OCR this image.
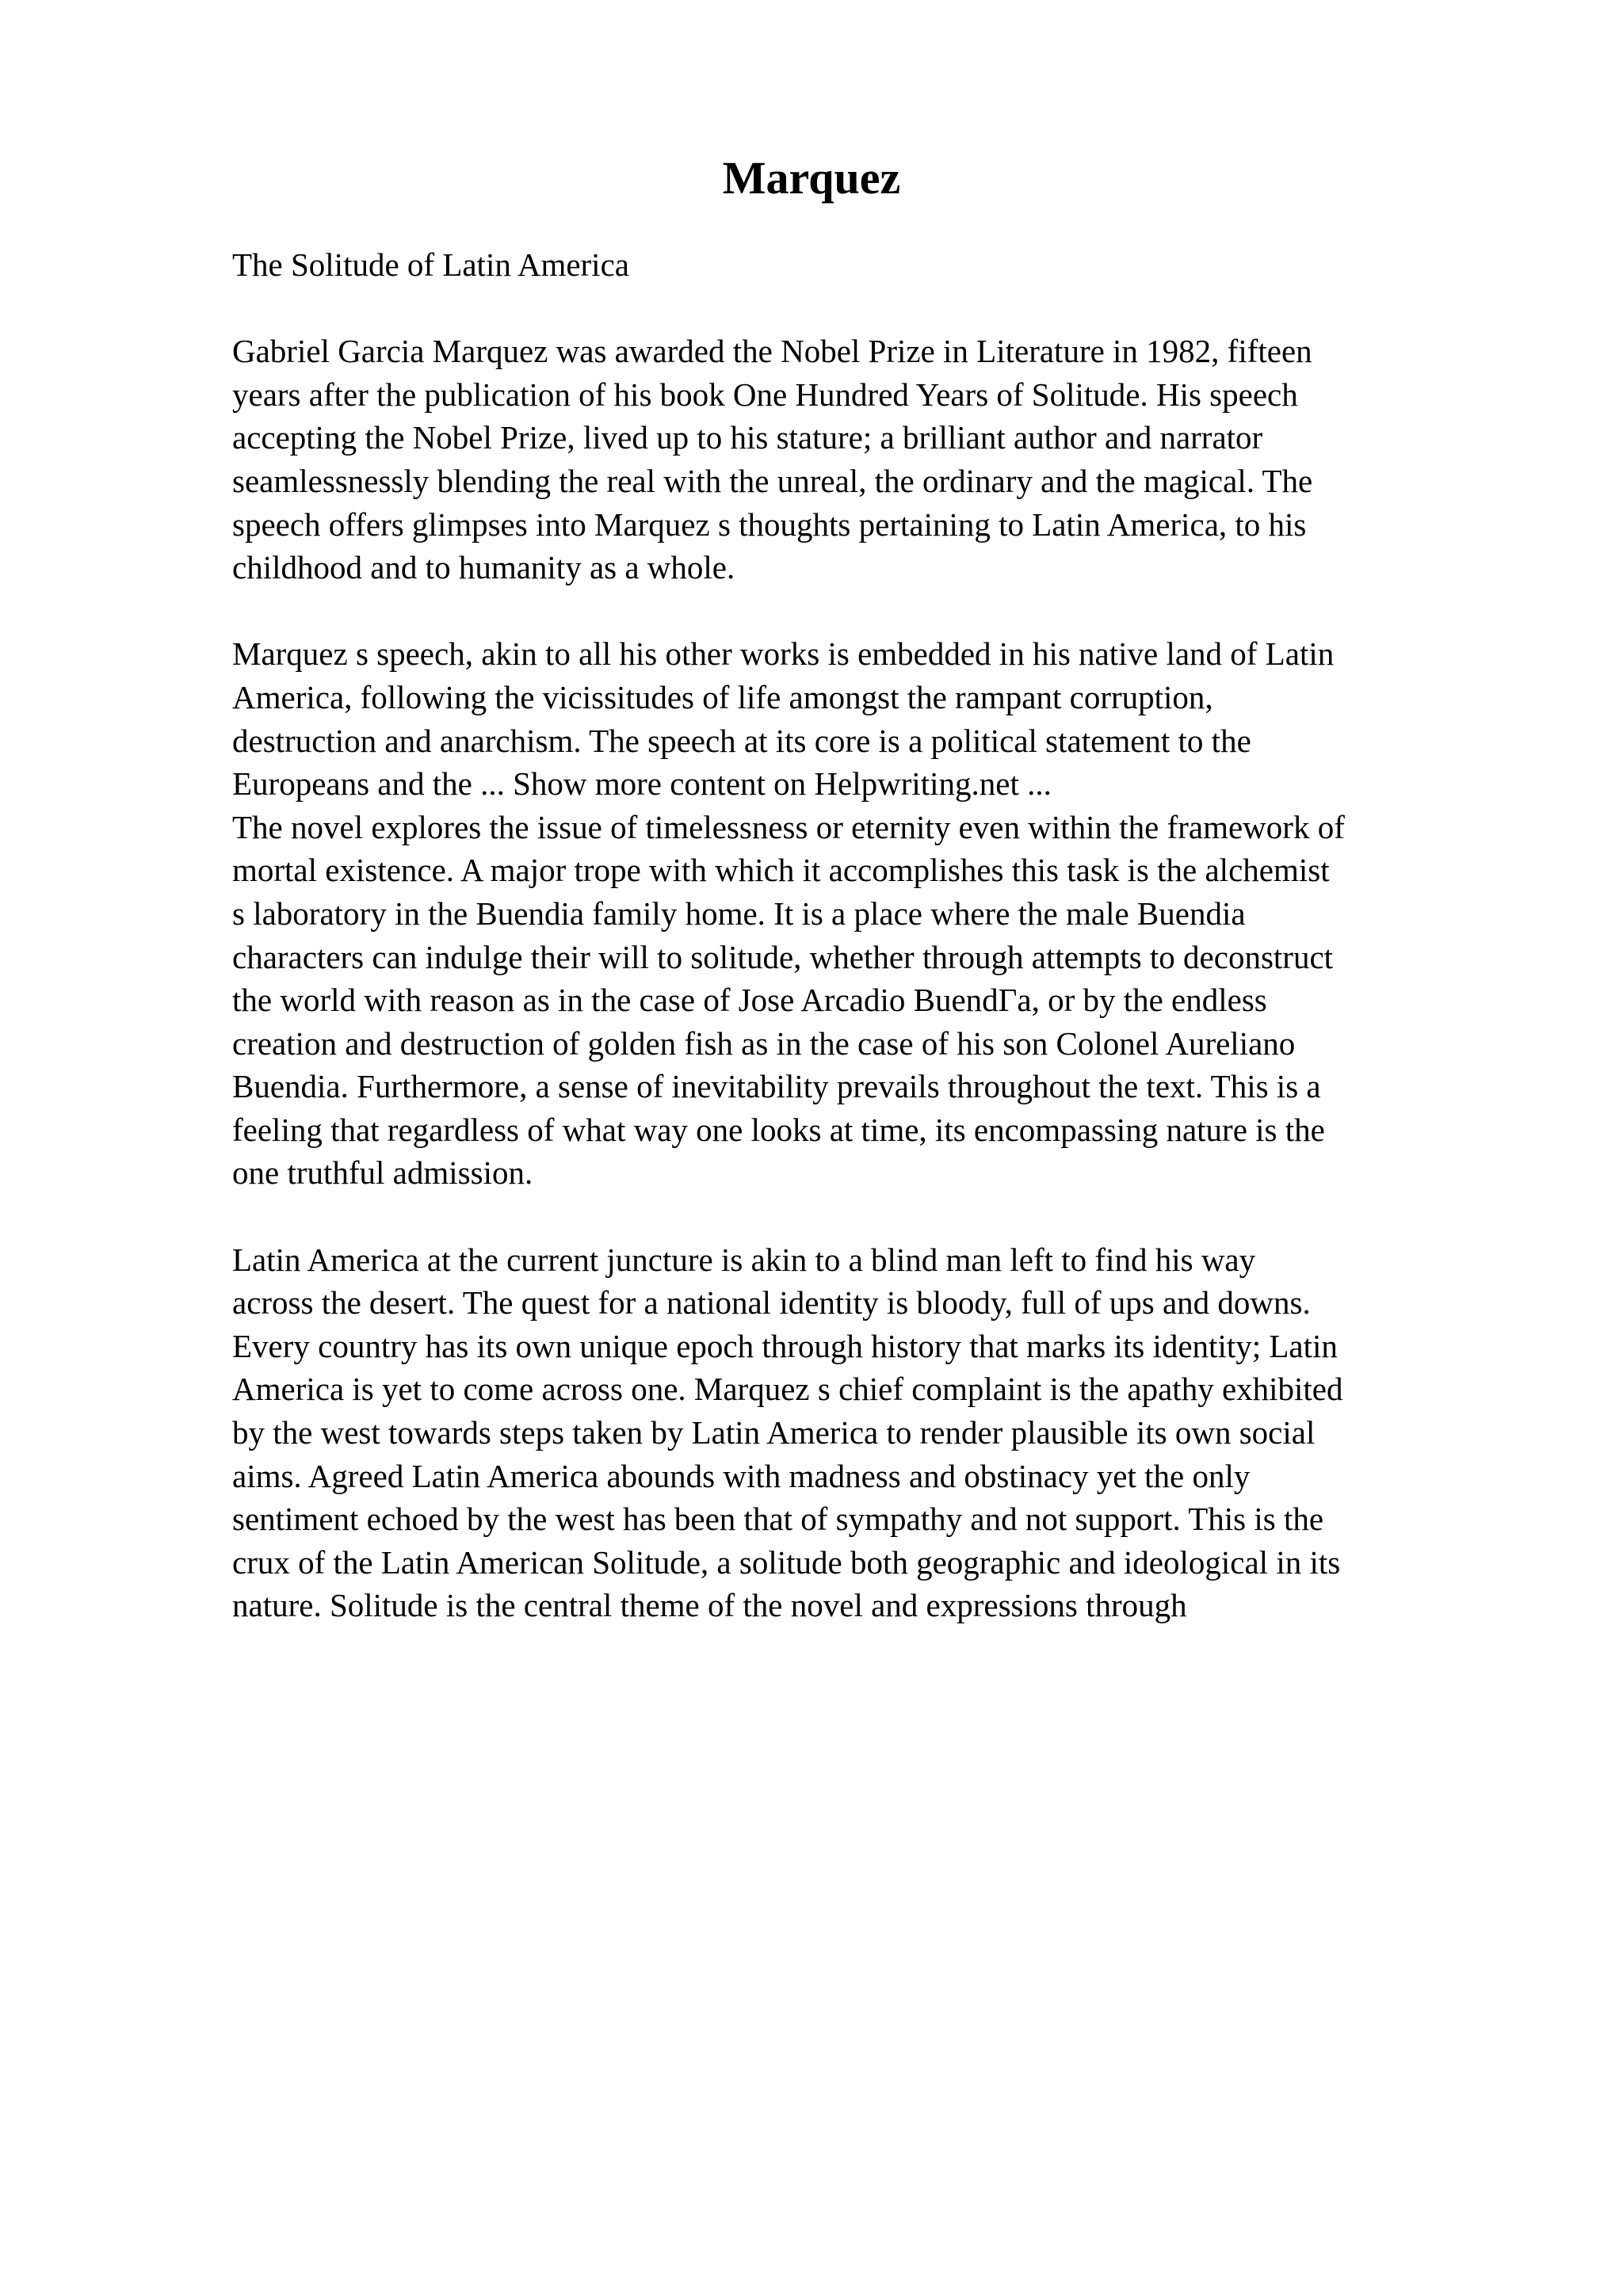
Marquez

The Solitude of Latin America

Gabriel Garcia Marquez was awarded the Nobel Prize in Literature in 1982, fifteen
years after the publication of his book One Hundred Years of Solitude. His speech
accepting the Nobel Prize, lived up to his stature; a brilliant author and narrator
seamlessnessly blending the real with the unreal, the ordinary and the magical. The
speech offers glimpses into Marquez s thoughts pertaining to Latin America, to his
childhood and to humanity as a whole.

Marquez s speech, akin to all his other works is embedded in his native land of Latin
America, following the vicissitudes of life amongst the rampant corruption,
destruction and anarchism. The speech at its core is a political statement to the
Europeans and the ... Show more content on Helpwriting.net ...

The novel explores the issue of timelessness or eternity even within the framework of
mortal existence. A major trope with which it accomplishes this task is the alchemist
s laboratory in the Buendia family home. It is a place where the male Buendia
characters can indulge their will to solitude, whether through attempts to deconstruct
the world with reason as in the case of Jose Arcadio BuendГa, or by the endless
creation and destruction of golden fish as in the case of his son Colonel Aureliano
Buendia. Furthermore, a sense of inevitability prevails throughout the text. This is a
feeling that regardless of what way one looks at time, its encompassing nature is the
one truthful admission.

Latin America at the current juncture is akin to a blind man left to find his way
across the desert. The quest for a national identity is bloody, full of ups and downs.
Every country has its own unique epoch through history that marks its identity; Latin
America is yet to come across one. Marquez s chief complaint is the apathy exhibited
by the west towards steps taken by Latin America to render plausible its own social
aims. Agreed Latin America abounds with madness and obstinacy yet the only
sentiment echoed by the west has been that of sympathy and not support. This is the
crux of the Latin American Solitude, a solitude both geographic and ideological in its
nature. Solitude is the central theme of the novel and expressions through
